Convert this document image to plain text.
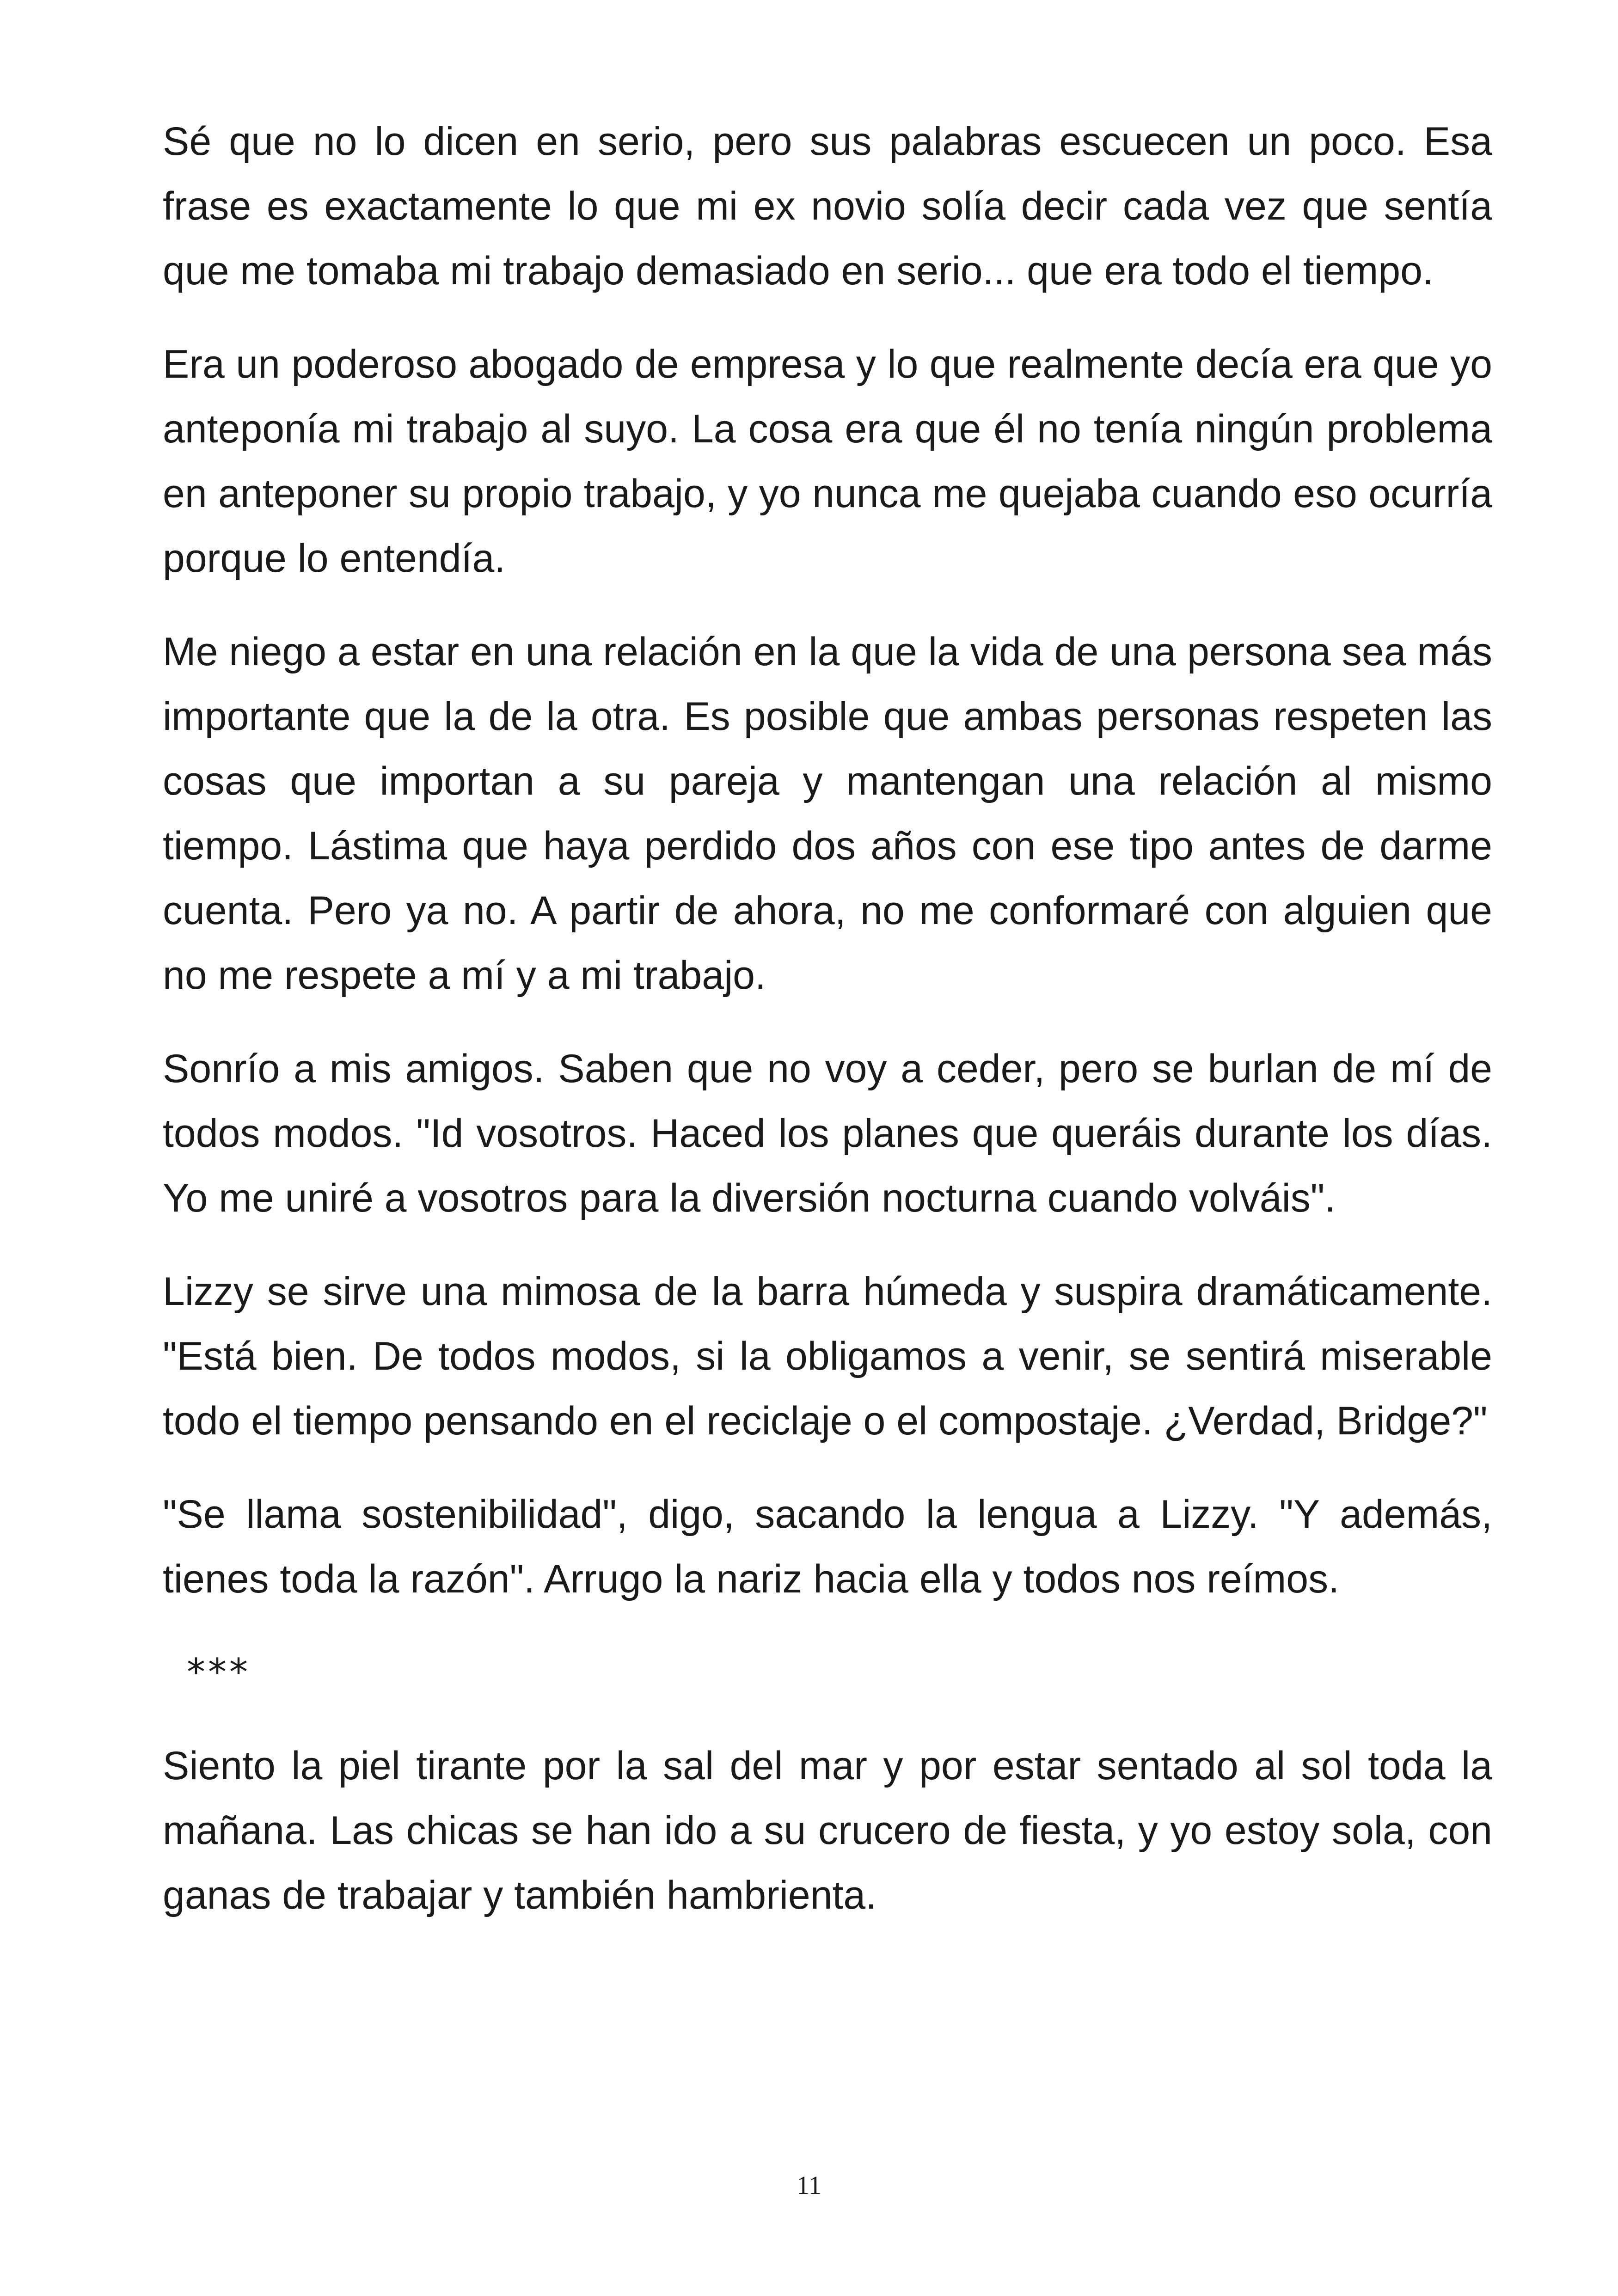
Sé que no lo dicen en serio, pero sus palabras escuecen un poco. Esa frase es exactamente lo que mi ex novio solía decir cada vez que sentía que me tomaba mi trabajo demasiado en serio... que era todo el tiempo.

Era un poderoso abogado de empresa y lo que realmente decía era que yo anteponía mi trabajo al suyo. La cosa era que él no tenía ningún problema en anteponer su propio trabajo, y yo nunca me quejaba cuando eso ocurría porque lo entendía.

Me niego a estar en una relación en la que la vida de una persona sea más importante que la de la otra. Es posible que ambas personas respeten las cosas que importan a su pareja y mantengan una relación al mismo tiempo. Lástima que haya perdido dos años con ese tipo antes de darme cuenta. Pero ya no. A partir de ahora, no me conformaré con alguien que no me respete a mí y a mi trabajo.

Sonrío a mis amigos. Saben que no voy a ceder, pero se burlan de mí de todos modos. "Id vosotros. Haced los planes que queráis durante los días. Yo me uniré a vosotros para la diversión nocturna cuando volváis".

Lizzy se sirve una mimosa de la barra húmeda y suspira dramáticamente. "Está bien. De todos modos, si la obligamos a venir, se sentirá miserable todo el tiempo pensando en el reciclaje o el compostaje. ¿Verdad, Bridge?"

"Se llama sostenibilidad", digo, sacando la lengua a Lizzy. "Y además, tienes toda la razón". Arrugo la nariz hacia ella y todos nos reímos.

***

Siento la piel tirante por la sal del mar y por estar sentado al sol toda la mañana. Las chicas se han ido a su crucero de fiesta, y yo estoy sola, con ganas de trabajar y también hambrienta.

11
